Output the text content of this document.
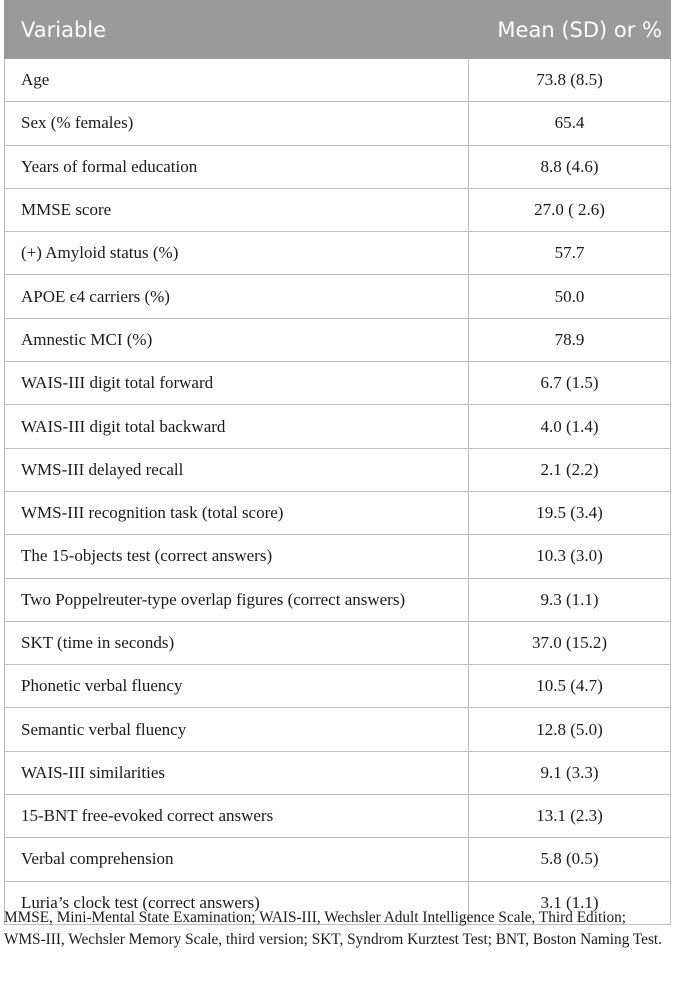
Variable	Mean (SD) or %
Age	73.8 (8.5)
Sex (% females)	65.4
Years of formal education	8.8 (4.6)
MMSE score	27.0 ( 2.6)
(+) Amyloid status (%)	57.7
APOE ϵ4 carriers (%)	50.0
Amnestic MCI (%)	78.9
WAIS-III digit total forward	6.7 (1.5)
WAIS-III digit total backward	4.0 (1.4)
WMS-III delayed recall	2.1 (2.2)
WMS-III recognition task (total score)	19.5 (3.4)
The 15-objects test (correct answers)	10.3 (3.0)
Two Poppelreuter-type overlap figures (correct answers)	9.3 (1.1)
SKT (time in seconds)	37.0 (15.2)
Phonetic verbal fluency	10.5 (4.7)
Semantic verbal fluency	12.8 (5.0)
WAIS-III similarities	9.1 (3.3)
15-BNT free-evoked correct answers	13.1 (2.3)
Verbal comprehension	5.8 (0.5)
Luria’s clock test (correct answers)	3.1 (1.1)
MMSE, Mini-Mental State Examination; WAIS-III, Wechsler Adult Intelligence Scale, Third Edition; WMS-III, Wechsler Memory Scale, third version; SKT, Syndrom Kurztest Test; BNT, Boston Naming Test.
